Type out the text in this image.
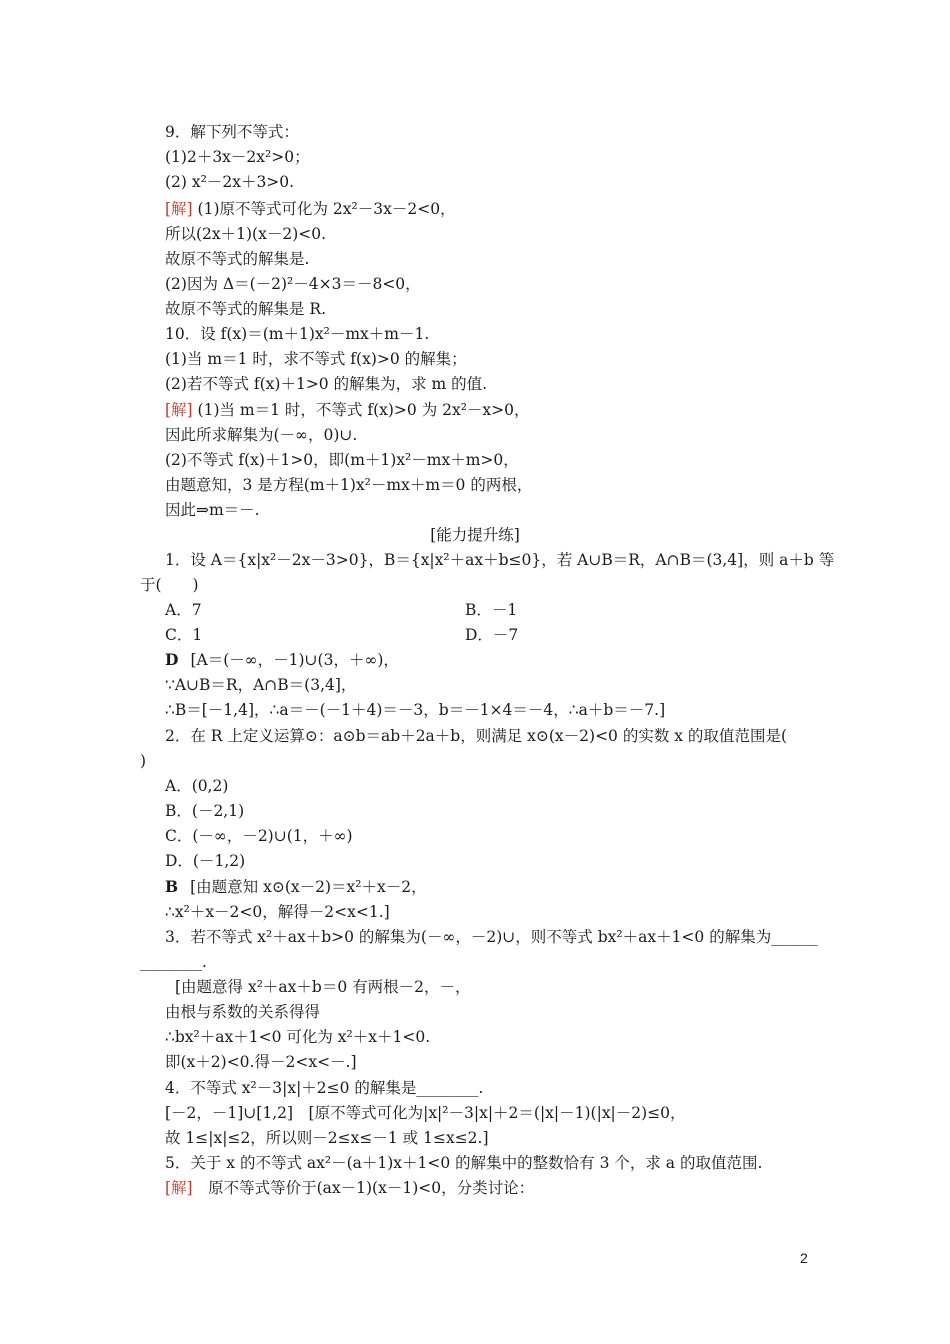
9．解下列不等式：
(1)2＋3x－2x²>0；
(2) x²－2x＋3>0.
[解] (1)原不等式可化为 2x²－3x－2<0，
所以(2x＋1)(x－2)<0.
故原不等式的解集是.
(2)因为 Δ＝(－2)²－4×3＝－8<0，
故原不等式的解集是 R.
10．设 f(x)＝(m＋1)x²－mx＋m－1.
(1)当 m＝1 时，求不等式 f(x)>0 的解集；
(2)若不等式 f(x)＋1>0 的解集为，求 m 的值.
[解] (1)当 m＝1 时，不等式 f(x)>0 为 2x²－x>0，
因此所求解集为(－∞，0)∪.
(2)不等式 f(x)＋1>0，即(m＋1)x²－mx＋m>0，
由题意知，3 是方程(m＋1)x²－mx＋m＝0 的两根，
因此⇒m＝－.
[能力提升练]
1．设 A＝{x|x²－2x－3>0}，B＝{x|x²＋ax＋b≤0}，若 A∪B＝R，A∩B＝(3,4]，则 a＋b 等
于(　　)
A．7	B．－1
C．1	D．－7
D [A＝(－∞，－1)∪(3，＋∞)，
∵A∪B＝R，A∩B＝(3,4]，
∴B＝[－1,4]，∴a＝－(－1＋4)＝－3，b＝－1×4＝－4，∴a＋b＝－7.]
2．在 R 上定义运算⊙：a⊙b＝ab＋2a＋b，则满足 x⊙(x－2)<0 的实数 x 的取值范围是(
)
A．(0,2)
B．(－2,1)
C．(－∞，－2)∪(1，＋∞)
D．(－1,2)
B [由题意知 x⊙(x－2)＝x²＋x－2，
∴x²＋x－2<0，解得－2<x<1.]
3．若不等式 x²＋ax＋b>0 的解集为(－∞，－2)∪，则不等式 bx²＋ax＋1<0 的解集为______
________.
[由题意得 x²＋ax＋b＝0 有两根－2，－，
由根与系数的关系得得
∴bx²＋ax＋1<0 可化为 x²＋x＋1<0.
即(x＋2)<0.得－2<x<－.]
4．不等式 x²－3|x|＋2≤0 的解集是________.
[－2，－1]∪[1,2]　[原不等式可化为|x|²－3|x|＋2＝(|x|－1)(|x|－2)≤0，
故 1≤|x|≤2，所以则－2≤x≤－1 或 1≤x≤2.]
5．关于 x 的不等式 ax²－(a＋1)x＋1<0 的解集中的整数恰有 3 个，求 a 的取值范围.
[解]　原不等式等价于(ax－1)(x－1)<0，分类讨论：
2
